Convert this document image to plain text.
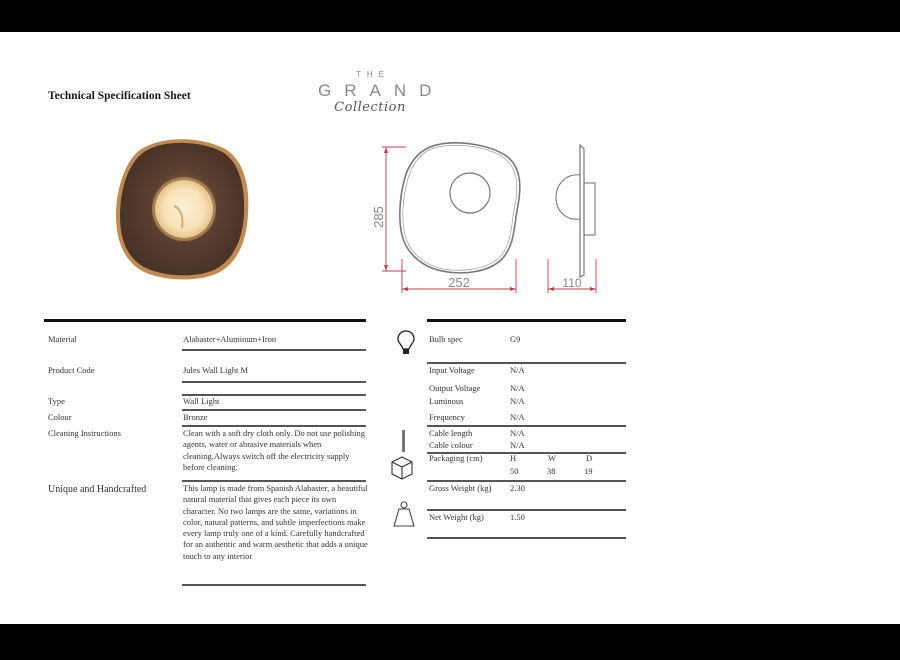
Technical Specification Sheet
THE
GRAND
Collection
285
252	110
Material	Alabaster+Aluminum+Iron
Product Code	Jules Wall Light M
Type	Wall Light
Colour	Bronze
Cleaning Instructions	Clean with a soft dry cloth only. Do not use polishing agents, water or abrasive materials when cleaning.Always switch off the electricity supply before cleaning.
Unique and Handcrafted	This lamp is made from Spanish Alabaster, a beautiful natural material that gives each piece its own character. No two lamps are the same, variations in color, natural patterns, and subtle imperfections make every lamp truly one of a kind. Carefully handcrafted for an authentic and warm aesthetic that adds a unique touch to any interior
Bulb spec	G9
Input Voltage	N/A
Output Voltage	N/A
Luminous	N/A
Frequency	N/A
Cable length	N/A
Cable colour	N/A
Packaging (cm)	H	W	D
50	38	19
Gross Weight (kg) 2.30
Net Weight (kg)	1.50
